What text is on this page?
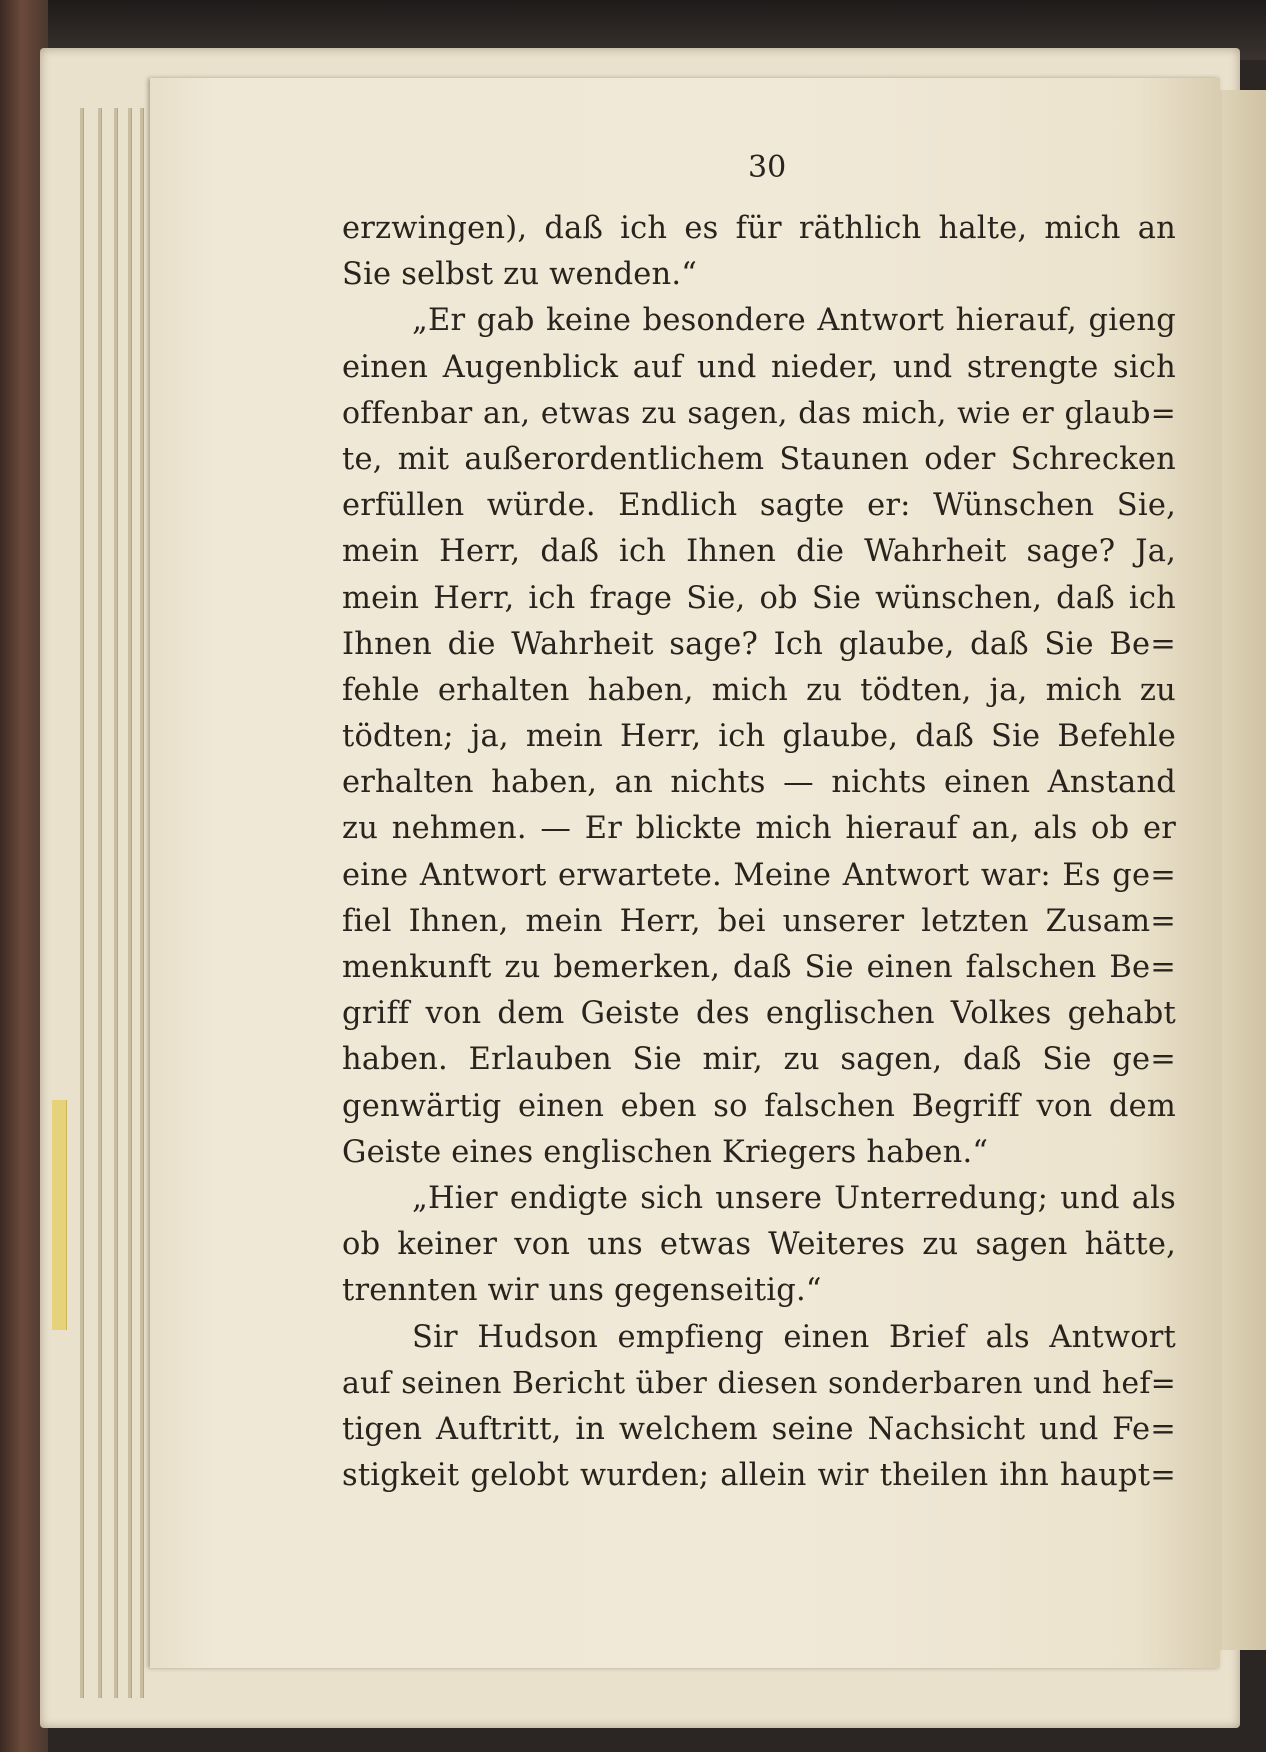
30
erzwingen), daß ich es für räthlich halte, mich an
Sie selbst zu wenden.“
„Er gab keine besondere Antwort hierauf, gieng
einen Augenblick auf und nieder, und strengte sich
offenbar an, etwas zu sagen, das mich, wie er glaub=
te, mit außerordentlichem Staunen oder Schrecken
erfüllen würde. Endlich sagte er: Wünschen Sie,
mein Herr, daß ich Ihnen die Wahrheit sage? Ja,
mein Herr, ich frage Sie, ob Sie wünschen, daß ich
Ihnen die Wahrheit sage? Ich glaube, daß Sie Be=
fehle erhalten haben, mich zu tödten, ja, mich zu
tödten; ja, mein Herr, ich glaube, daß Sie Befehle
erhalten haben, an nichts — nichts einen Anstand
zu nehmen. — Er blickte mich hierauf an, als ob er
eine Antwort erwartete. Meine Antwort war: Es ge=
fiel Ihnen, mein Herr, bei unserer letzten Zusam=
menkunft zu bemerken, daß Sie einen falschen Be=
griff von dem Geiste des englischen Volkes gehabt
haben. Erlauben Sie mir, zu sagen, daß Sie ge=
genwärtig einen eben so falschen Begriff von dem
Geiste eines englischen Kriegers haben.“
„Hier endigte sich unsere Unterredung; und als
ob keiner von uns etwas Weiteres zu sagen hätte,
trennten wir uns gegenseitig.“
Sir Hudson empfieng einen Brief als Antwort
auf seinen Bericht über diesen sonderbaren und hef=
tigen Auftritt, in welchem seine Nachsicht und Fe=
stigkeit gelobt wurden; allein wir theilen ihn haupt=
